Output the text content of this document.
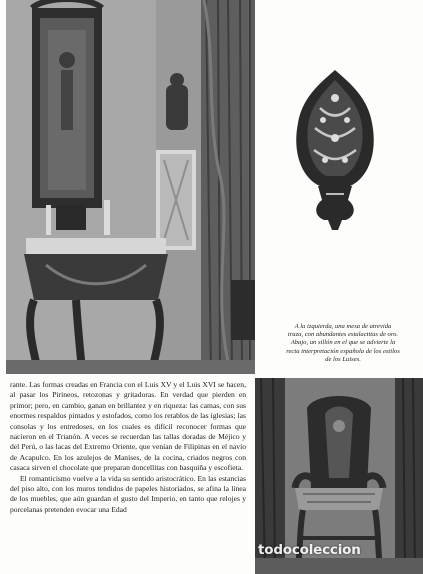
A la izquierda, una mesa de atrevida
traza, con abundantes estalactitas de oro.
Abajo, un sillón en el que se advierte la
recta interpretación española de los estilos
de los Luises.

rante. Las formas creadas en Francia con el Luis XV y el Luis XVI se hacen, al pasar los Pirineos, retozonas y gritadoras. En verdad que pierden en primor; pero, en cambio, ganan en brillantez y en riqueza: las camas, con sus enormes respaldos pintados y estofados, como los retablos de las iglesias; las consolas y los entredoses, en los cuales es difícil reconocer formas que nacieron en el Trianón. A veces se recuerdan las tallas doradas de Méjico y del Perú, o las lacas del Extremo Oriente, que venían de Filipinas en el navío de Acapulco. En los azulejos de Manises, de la cocina, criados negros con casaca sirven el chocolate que preparan doncellitas con basquiña y escofieta.

El romanticismo vuelve a la vida su sentido aristocrático. En las estancias del piso alto, con los muros tendidos de papeles historiados, se afina la línea de los muebles, que aún guardan el gusto del Imperio, en tanto que relojes y porcelanas pretenden evocar una Edad

todocoleccion
